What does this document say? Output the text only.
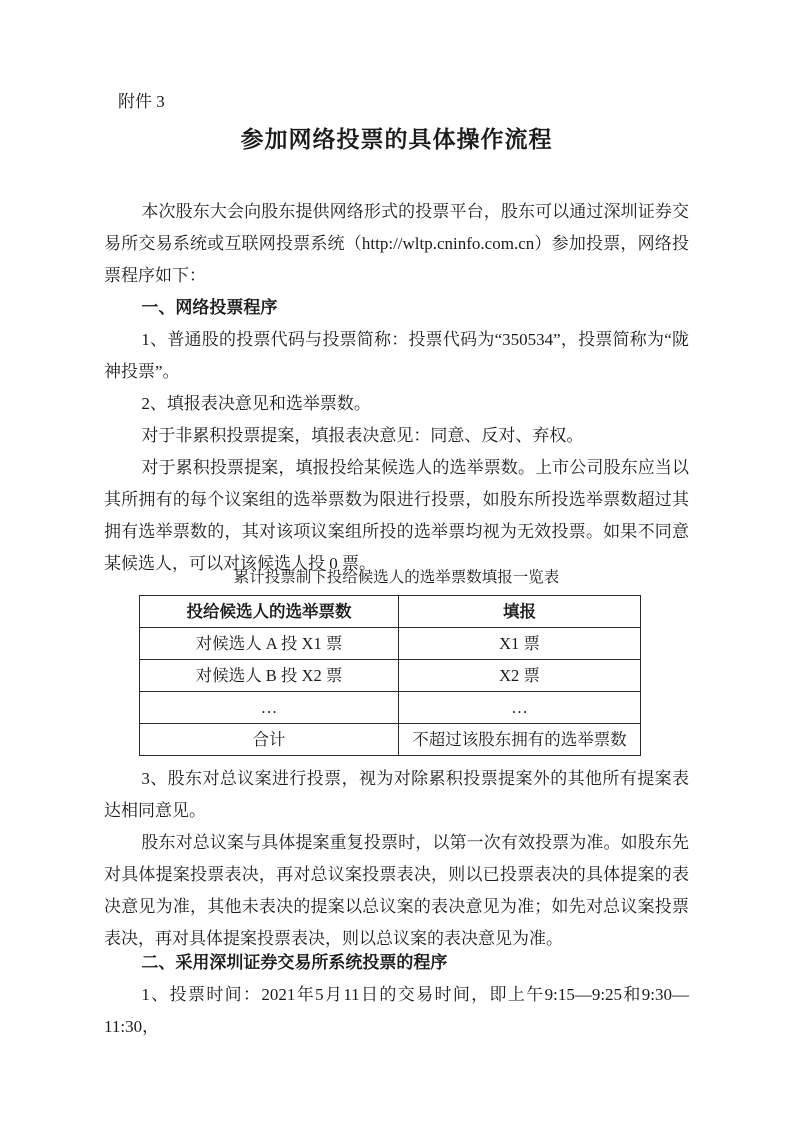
附件 3
参加网络投票的具体操作流程

本次股东大会向股东提供网络形式的投票平台，股东可以通过深圳证券交易所交易系统或互联网投票系统（http://wltp.cninfo.com.cn）参加投票，网络投票程序如下：

一、网络投票程序

1、普通股的投票代码与投票简称：投票代码为“350534”，投票简称为“陇神投票”。

2、填报表决意见和选举票数。

对于非累积投票提案，填报表决意见：同意、反对、弃权。

对于累积投票提案，填报投给某候选人的选举票数。上市公司股东应当以其所拥有的每个议案组的选举票数为限进行投票，如股东所投选举票数超过其拥有选举票数的，其对该项议案组所投的选举票均视为无效投票。如果不同意某候选人，可以对该候选人投 0 票。

累计投票制下投给候选人的选举票数填报一览表

投给候选人的选举票数	填报
对候选人 A 投 X1 票	X1 票
对候选人 B 投 X2 票	X2 票
…	…
合计	不超过该股东拥有的选举票数

3、股东对总议案进行投票，视为对除累积投票提案外的其他所有提案表达相同意见。

股东对总议案与具体提案重复投票时，以第一次有效投票为准。如股东先对具体提案投票表决，再对总议案投票表决，则以已投票表决的具体提案的表决意见为准，其他未表决的提案以总议案的表决意见为准；如先对总议案投票表决，再对具体提案投票表决，则以总议案的表决意见为准。

二、采用深圳证券交易所系统投票的程序

1、投票时间：2021年5月11日的交易时间，即上午9:15—9:25和9:30—11:30，
